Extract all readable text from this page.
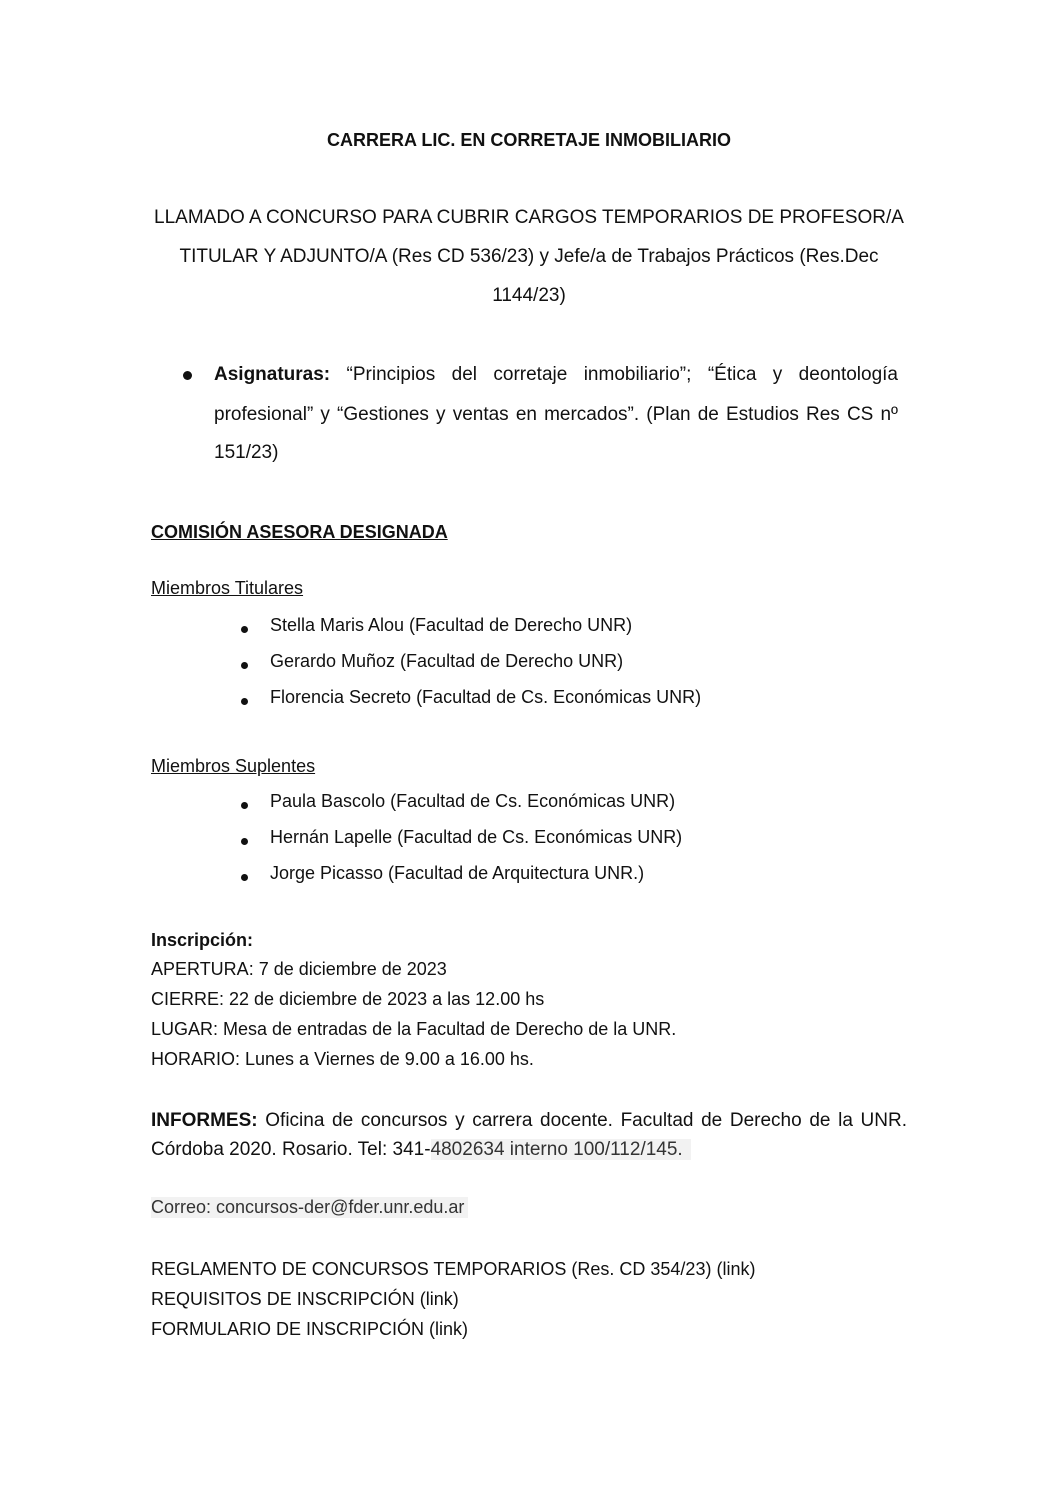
CARRERA LIC. EN CORRETAJE INMOBILIARIO
LLAMADO A CONCURSO PARA CUBRIR CARGOS TEMPORARIOS DE PROFESOR/A
TITULAR Y ADJUNTO/A (Res CD 536/23) y Jefe/a de Trabajos Prácticos (Res.Dec
1144/23)
Asignaturas: “Principios del corretaje inmobiliario”; “Ética y deontología
profesional” y “Gestiones y ventas en mercados”. (Plan de Estudios Res CS nº
151/23)
COMISIÓN ASESORA DESIGNADA
Miembros Titulares
Stella Maris Alou (Facultad de Derecho UNR)
Gerardo Muñoz (Facultad de Derecho UNR)
Florencia Secreto (Facultad de Cs. Económicas UNR)
Miembros Suplentes
Paula Bascolo (Facultad de Cs. Económicas UNR)
Hernán Lapelle (Facultad de Cs. Económicas UNR)
Jorge Picasso (Facultad de Arquitectura UNR.)
Inscripción:
APERTURA: 7 de diciembre de 2023
CIERRE: 22 de diciembre de 2023 a las 12.00 hs
LUGAR: Mesa de entradas de la Facultad de Derecho de la UNR.
HORARIO: Lunes a Viernes de 9.00 a 16.00 hs.
INFORMES: Oficina de concursos y carrera docente. Facultad de Derecho de la UNR.
Córdoba 2020. Rosario. Tel: 341-4802634 interno 100/112/145.
Correo: concursos-der@fder.unr.edu.ar
REGLAMENTO DE CONCURSOS TEMPORARIOS (Res. CD 354/23) (link)
REQUISITOS DE INSCRIPCIÓN (link)
FORMULARIO DE INSCRIPCIÓN (link)
